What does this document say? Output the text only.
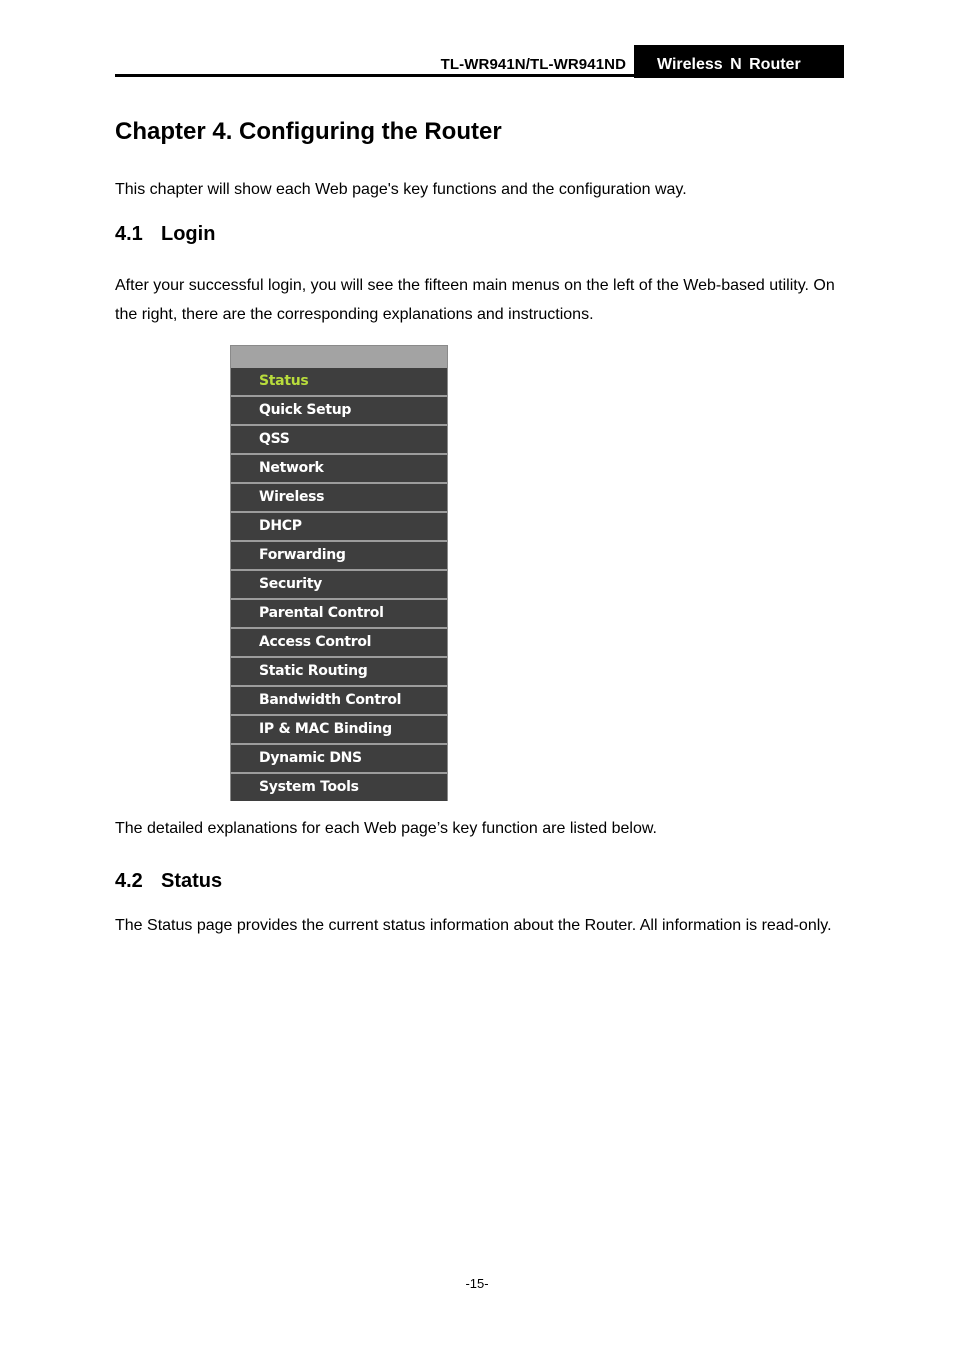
TL-WR941N/TL-WR941ND	Wireless N Router
Chapter 4. Configuring the Router

This chapter will show each Web page's key functions and the configuration way.

4.1 Login

After your successful login, you will see the fifteen main menus on the left of the Web-based utility. On the right, there are the corresponding explanations and instructions.

Status
Quick Setup
QSS
Network
Wireless
DHCP
Forwarding
Security
Parental Control
Access Control
Static Routing
Bandwidth Control
IP & MAC Binding
Dynamic DNS
System Tools

The detailed explanations for each Web page’s key function are listed below.

4.2 Status

The Status page provides the current status information about the Router. All information is read-only.

-15-
